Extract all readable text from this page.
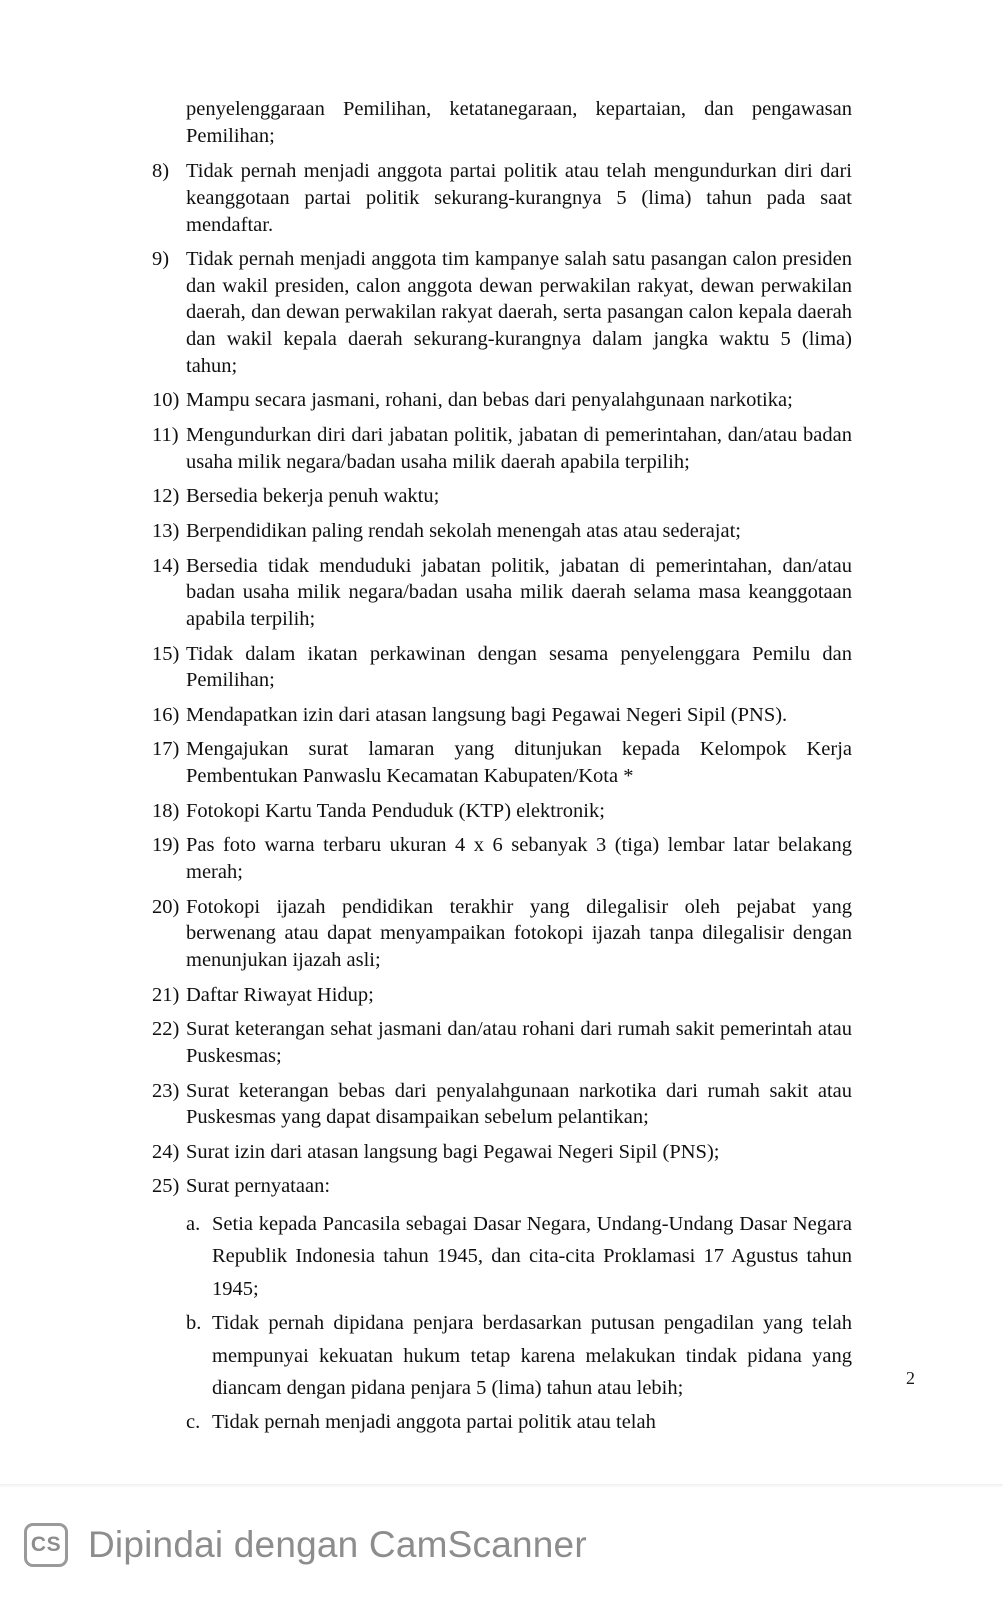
penyelenggaraan Pemilihan, ketatanegaraan, kepartaian, dan pengawasan Pemilihan;

8) Tidak pernah menjadi anggota partai politik atau telah mengundurkan diri dari keanggotaan partai politik sekurang-kurangnya 5 (lima) tahun pada saat mendaftar.
9) Tidak pernah menjadi anggota tim kampanye salah satu pasangan calon presiden dan wakil presiden, calon anggota dewan perwakilan rakyat, dewan perwakilan daerah, dan dewan perwakilan rakyat daerah, serta pasangan calon kepala daerah dan wakil kepala daerah sekurang-kurangnya dalam jangka waktu 5 (lima) tahun;
10) Mampu secara jasmani, rohani, dan bebas dari penyalahgunaan narkotika;
11) Mengundurkan diri dari jabatan politik, jabatan di pemerintahan, dan/atau badan usaha milik negara/badan usaha milik daerah apabila terpilih;
12) Bersedia bekerja penuh waktu;
13) Berpendidikan paling rendah sekolah menengah atas atau sederajat;
14) Bersedia tidak menduduki jabatan politik, jabatan di pemerintahan, dan/atau badan usaha milik negara/badan usaha milik daerah selama masa keanggotaan apabila terpilih;
15) Tidak dalam ikatan perkawinan dengan sesama penyelenggara Pemilu dan Pemilihan;
16) Mendapatkan izin dari atasan langsung bagi Pegawai Negeri Sipil (PNS).
17) Mengajukan surat lamaran yang ditunjukan kepada Kelompok Kerja Pembentukan Panwaslu Kecamatan Kabupaten/Kota *
18) Fotokopi Kartu Tanda Penduduk (KTP) elektronik;
19) Pas foto warna terbaru ukuran 4 x 6 sebanyak 3 (tiga) lembar latar belakang merah;
20) Fotokopi ijazah pendidikan terakhir yang dilegalisir oleh pejabat yang berwenang atau dapat menyampaikan fotokopi ijazah tanpa dilegalisir dengan menunjukan ijazah asli;
21) Daftar Riwayat Hidup;
22) Surat keterangan sehat jasmani dan/atau rohani dari rumah sakit pemerintah atau Puskesmas;
23) Surat keterangan bebas dari penyalahgunaan narkotika dari rumah sakit atau Puskesmas yang dapat disampaikan sebelum pelantikan;
24) Surat izin dari atasan langsung bagi Pegawai Negeri Sipil (PNS);
25) Surat pernyataan:
a. Setia kepada Pancasila sebagai Dasar Negara, Undang-Undang Dasar Negara Republik Indonesia tahun 1945, dan cita-cita Proklamasi 17 Agustus tahun 1945;
b. Tidak pernah dipidana penjara berdasarkan putusan pengadilan yang telah mempunyai kekuatan hukum tetap karena melakukan tindak pidana yang diancam dengan pidana penjara 5 (lima) tahun atau lebih;
c. Tidak pernah menjadi anggota partai politik atau telah
2
CS Dipindai dengan CamScanner
